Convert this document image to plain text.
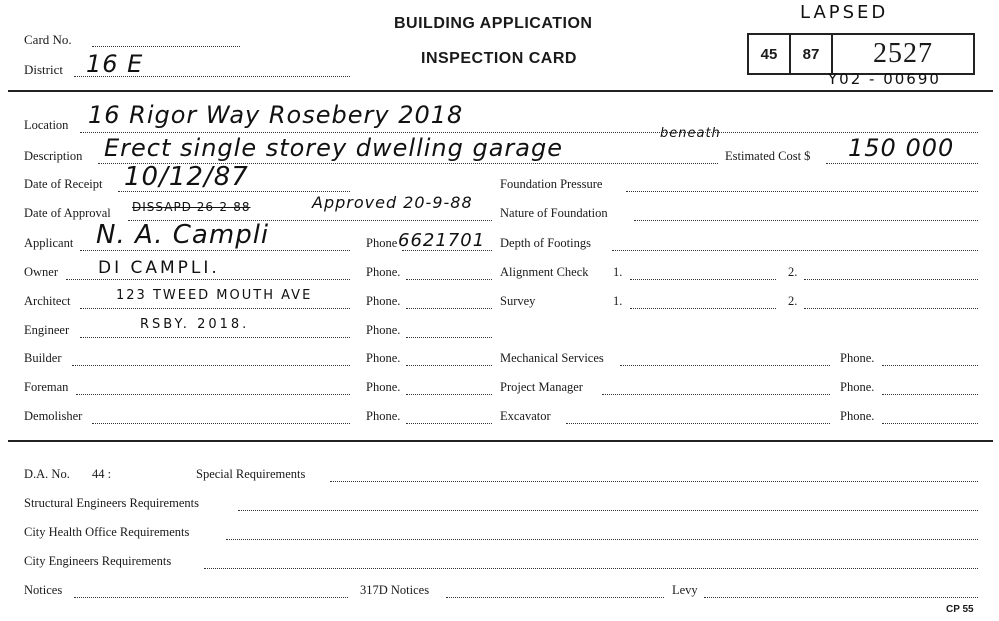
Card No.
District 16 E
BUILDING APPLICATION
INSPECTION CARD
LAPSED
45	87	2527
Y02 - 00690
Location 16 Rigor Way Rosebery 2018
Description Erect single storey dwelling garage
beneath
Estimated Cost $ 150 000
Date of Receipt 10/12/87
Date of Approval DISSAPD 26-2-88	Approved 20-9-88
Applicant N. A. Campli	Phone 6621701
Owner DI CAMPLI.	Phone.
Architect	123 TWEED MOUTH AVE	Phone.
Engineer	RSBY. 2018.	Phone.
Builder	Phone.
Foreman	Phone.
Demolisher	Phone.
Foundation Pressure
Nature of Foundation
Depth of Footings
Alignment Check 1.	2.
Survey	1.	2.
Mechanical Services	Phone.
Project Manager	Phone.
Excavator	Phone.
D.A. No. 44 :	Special Requirements
Structural Engineers Requirements
City Health Office Requirements
City Engineers Requirements
Notices	317D Notices	Levy
CP 55
